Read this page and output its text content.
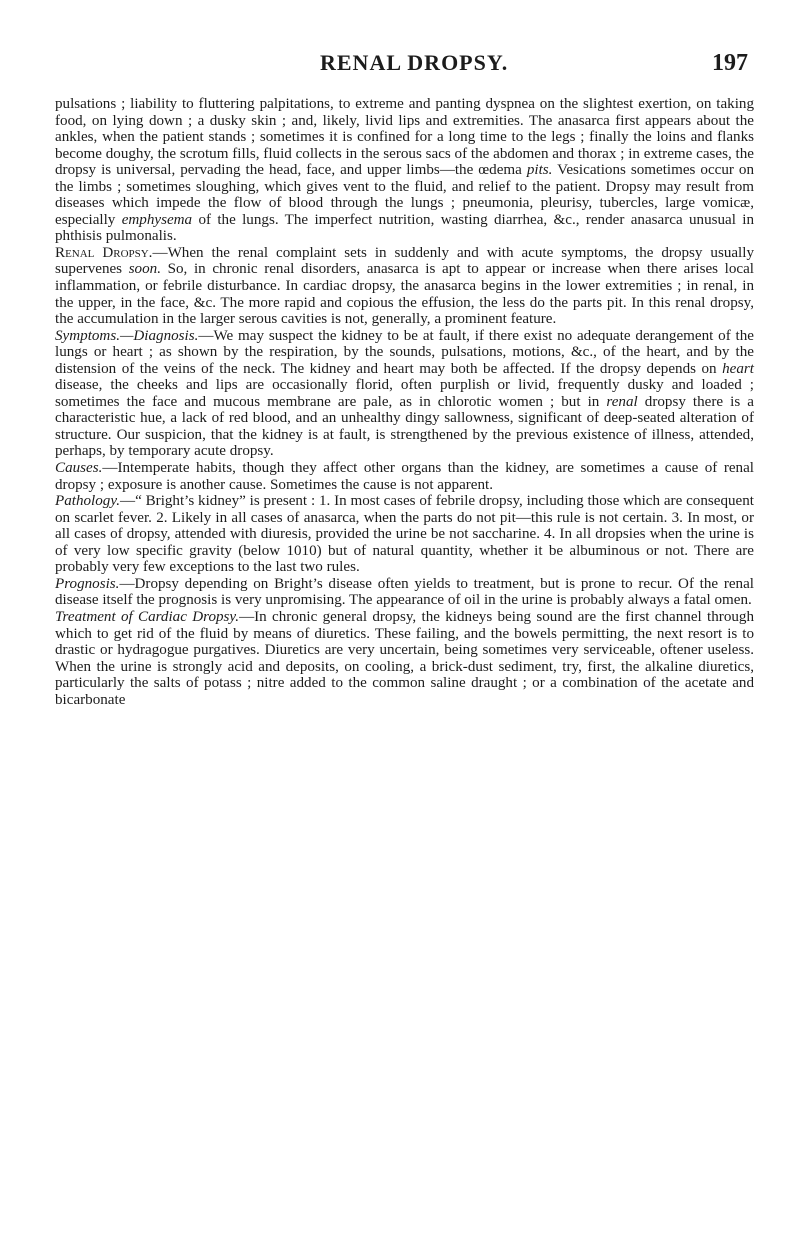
RENAL DROPSY.	197

pulsations ; liability to fluttering palpitations, to extreme and panting dyspnea on the slightest exertion, on taking food, on lying down ; a dusky skin ; and, likely, livid lips and extremities. The anasarca first appears about the ankles, when the patient stands ; sometimes it is confined for a long time to the legs ; finally the loins and flanks become doughy, the scrotum fills, fluid collects in the serous sacs of the abdomen and thorax ; in extreme cases, the dropsy is universal, pervading the head, face, and upper limbs—the œdema pits. Vesications sometimes occur on the limbs ; sometimes sloughing, which gives vent to the fluid, and relief to the patient. Dropsy may result from diseases which impede the flow of blood through the lungs ; pneumonia, pleurisy, tubercles, large vomicæ, especially emphysema of the lungs. The imperfect nutrition, wasting diarrhea, &c., render anasarca unusual in phthisis pulmonalis.

Renal Dropsy.—When the renal complaint sets in suddenly and with acute symptoms, the dropsy usually supervenes soon. So, in chronic renal disorders, anasarca is apt to appear or increase when there arises local inflammation, or febrile disturbance. In cardiac dropsy, the anasarca begins in the lower extremities ; in renal, in the upper, in the face, &c. The more rapid and copious the effusion, the less do the parts pit. In this renal dropsy, the accumulation in the larger serous cavities is not, generally, a prominent feature.

Symptoms.—Diagnosis.—We may suspect the kidney to be at fault, if there exist no adequate derangement of the lungs or heart ; as shown by the respiration, by the sounds, pulsations, motions, &c., of the heart, and by the distension of the veins of the neck. The kidney and heart may both be affected. If the dropsy depends on heart disease, the cheeks and lips are occasionally florid, often purplish or livid, frequently dusky and loaded ; sometimes the face and mucous membrane are pale, as in chlorotic women ; but in renal dropsy there is a characteristic hue, a lack of red blood, and an unhealthy dingy sallowness, significant of deep-seated alteration of structure. Our suspicion, that the kidney is at fault, is strengthened by the previous existence of illness, attended, perhaps, by temporary acute dropsy.

Causes.—Intemperate habits, though they affect other organs than the kidney, are sometimes a cause of renal dropsy ; exposure is another cause. Sometimes the cause is not apparent.

Pathology.—“ Bright’s kidney” is present : 1. In most cases of febrile dropsy, including those which are consequent on scarlet fever. 2. Likely in all cases of anasarca, when the parts do not pit—this rule is not certain. 3. In most, or all cases of dropsy, attended with diuresis, provided the urine be not saccharine. 4. In all dropsies when the urine is of very low specific gravity (below 1010) but of natural quantity, whether it be albuminous or not. There are probably very few exceptions to the last two rules.

Prognosis.—Dropsy depending on Bright’s disease often yields to treatment, but is prone to recur. Of the renal disease itself the prognosis is very unpromising. The appearance of oil in the urine is probably always a fatal omen.

Treatment of Cardiac Dropsy.—In chronic general dropsy, the kidneys being sound are the first channel through which to get rid of the fluid by means of diuretics. These failing, and the bowels permitting, the next resort is to drastic or hydragogue purgatives. Diuretics are very uncertain, being sometimes very serviceable, oftener useless. When the urine is strongly acid and deposits, on cooling, a brick-dust sediment, try, first, the alkaline diuretics, particularly the salts of potass ; nitre added to the common saline draught ; or a combination of the acetate and bicarbonate
